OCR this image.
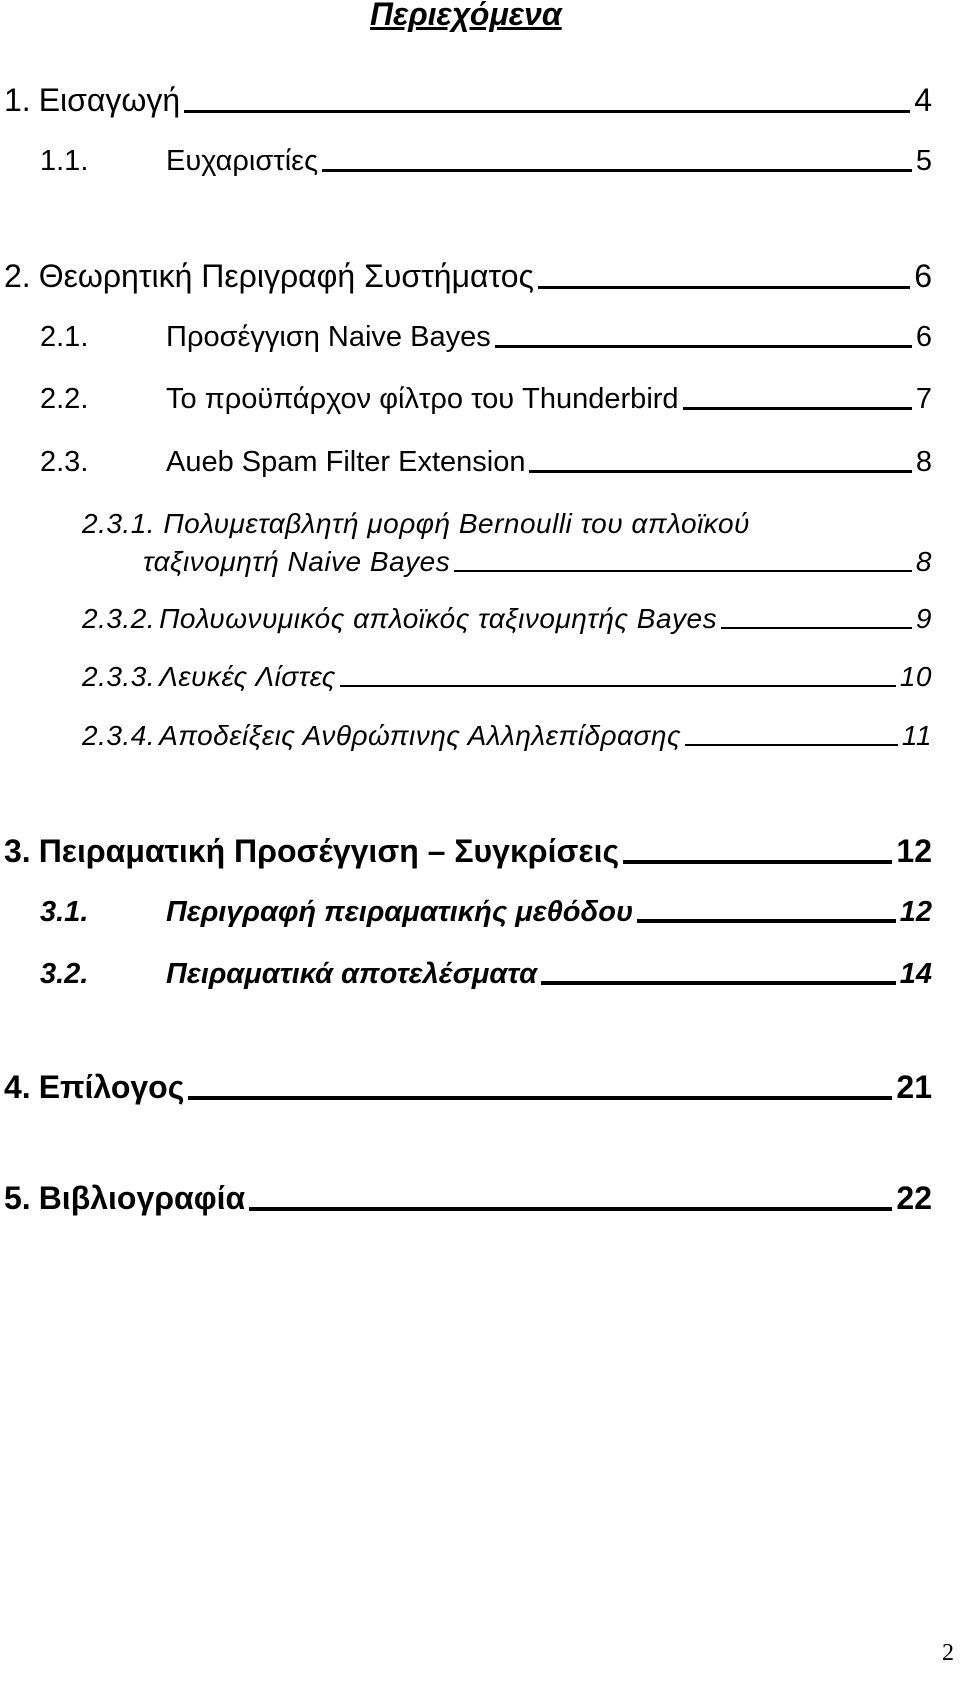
Περιεχόμενα
1. Εισαγωγή	4
1.1.	Ευχαριστίες	5
2. Θεωρητική Περιγραφή Συστήματος	6
2.1.	Προσέγγιση Naive Bayes	6
2.2.	Το προϋπάρχον φίλτρο του Thunderbird	7
2.3.	Aueb Spam Filter Extension	8
2.3.1. Πολυμεταβλητή μορφή Bernoulli του απλοϊκού
ταξινομητή Naive Bayes	8
2.3.2. Πολυωνυμικός απλοϊκός ταξινομητής Bayes	9
2.3.3. Λευκές Λίστες	10
2.3.4. Αποδείξεις Ανθρώπινης Αλληλεπίδρασης	11
3. Πειραματική Προσέγγιση – Συγκρίσεις	12
3.1.	Περιγραφή πειραματικής μεθόδου	12
3.2.	Πειραματικά αποτελέσματα	14
4. Επίλογος	21
5. Βιβλιογραφία	22
2
